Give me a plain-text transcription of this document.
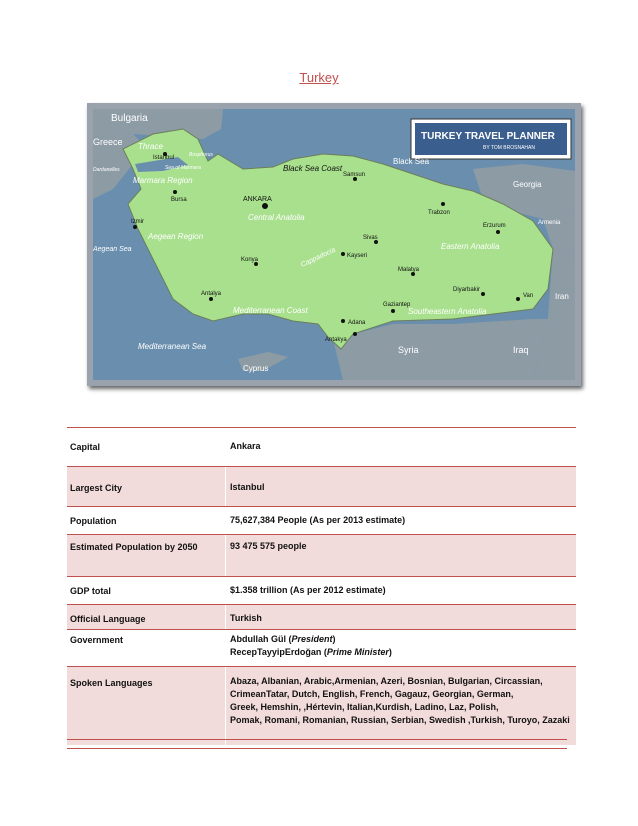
Turkey
TURKEY TRAVEL PLANNER
BY TOM BROSNAHAN
Bulgaria
Greece Thrace
Istanbul	Bosphorus
Sea of Marmara
Dardanelles
Marmara Region
Bursa
Black Sea Coast
Black Sea
Samsun
Georgia
ANKARA
Central Anatolia	Trabzon
Erzurum	Armenia
Izmir
Aegean Region
Aegean Sea	Cappadocia
Sivas
Kayseri
Eastern Anatolia
Konya
Malatya
Antalya
Diyarbakir
Van	Iran
Mediterranean Coast
Gaziantep
Adana
Southeastern Anatolia
Mediterranean Sea
Antakya
Syria	Iraq
Cyprus
Capital	Ankara
Largest City	Istanbul
Population	75,627,384 People (As per 2013 estimate)
Estimated Population by 2050	93 475 575 people
GDP total	$1.358 trillion (As per 2012 estimate)
Official Language	Turkish
Government	Abdullah Gül (President)
RecepTayyipErdoğan (Prime Minister)
Spoken Languages	Abaza, Albanian, Arabic,Armenian, Azeri, Bosnian, Bulgarian, Circassian,
CrimeanTatar, Dutch, English, French, Gagauz, Georgian, German,
Greek, Hemshin, ,Hértevin, Italian,Kurdish, Ladino, Laz, Polish,
Pomak, Romani, Romanian, Russian, Serbian, Swedish ,Turkish, Turoyo, Zazaki
